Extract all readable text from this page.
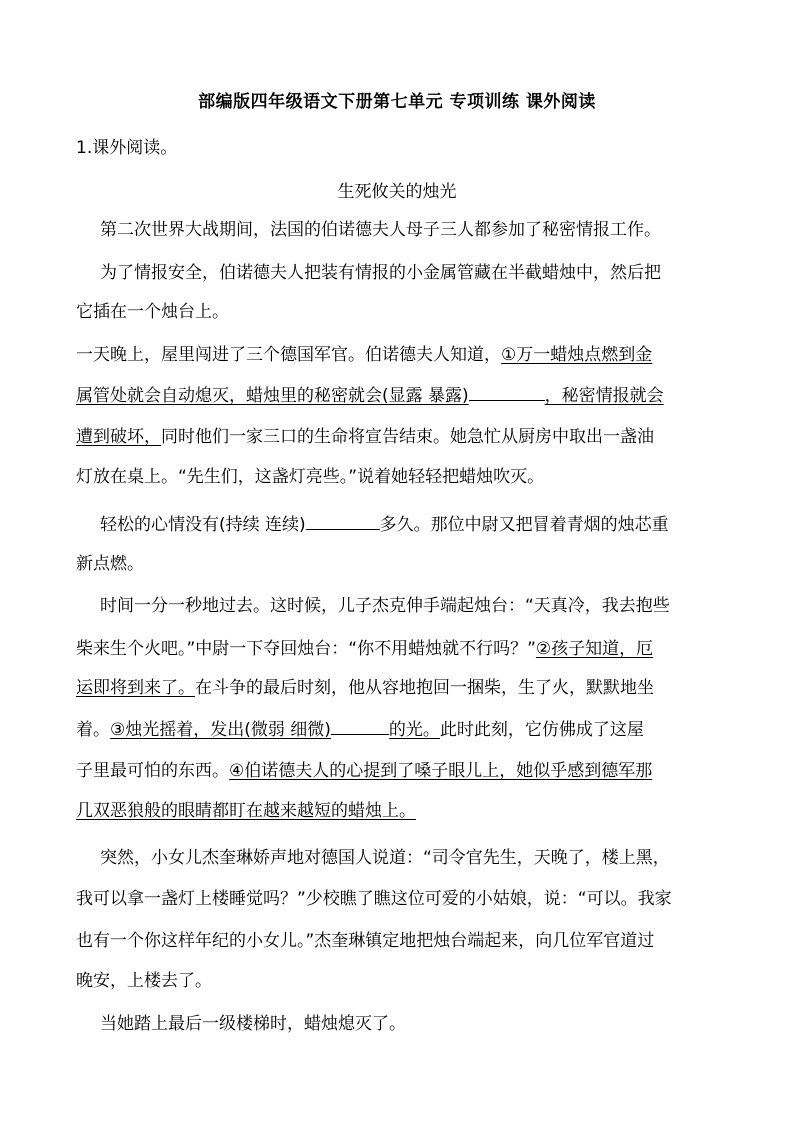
部编版四年级语文下册第七单元 专项训练 课外阅读
1.课外阅读。
生死攸关的烛光
第二次世界大战期间，法国的伯诺德夫人母子三人都参加了秘密情报工作。
为了情报安全，伯诺德夫人把装有情报的小金属管藏在半截蜡烛中，然后把
它插在一个烛台上。
一天晚上，屋里闯进了三个德国军官。伯诺德夫人知道，①万一蜡烛点燃到金
属管处就会自动熄灭，蜡烛里的秘密就会(显露 暴露)	，秘密情报就会
遭到破坏，同时他们一家三口的生命将宣告结束。她急忙从厨房中取出一盏油
灯放在桌上。“先生们，这盏灯亮些。”说着她轻轻把蜡烛吹灭。
轻松的心情没有(持续 连续)	多久。那位中尉又把冒着青烟的烛芯重
新点燃。
时间一分一秒地过去。这时候，儿子杰克伸手端起烛台：“天真冷，我去抱些
柴来生个火吧。”中尉一下夺回烛台：“你不用蜡烛就不行吗？”②孩子知道，厄
运即将到来了。在斗争的最后时刻，他从容地抱回一捆柴，生了火，默默地坐
着。③烛光摇着，发出(微弱 细微)	的光。此时此刻，它仿佛成了这屋
子里最可怕的东西。④伯诺德夫人的心提到了嗓子眼儿上，她似乎感到德军那
几双恶狼般的眼睛都盯在越来越短的蜡烛上。
突然，小女儿杰奎琳娇声地对德国人说道：“司令官先生，天晚了，楼上黑，
我可以拿一盏灯上楼睡觉吗？”少校瞧了瞧这位可爱的小姑娘，说：“可以。我家
也有一个你这样年纪的小女儿。”杰奎琳镇定地把烛台端起来，向几位军官道过
晚安，上楼去了。
当她踏上最后一级楼梯时，蜡烛熄灭了。
